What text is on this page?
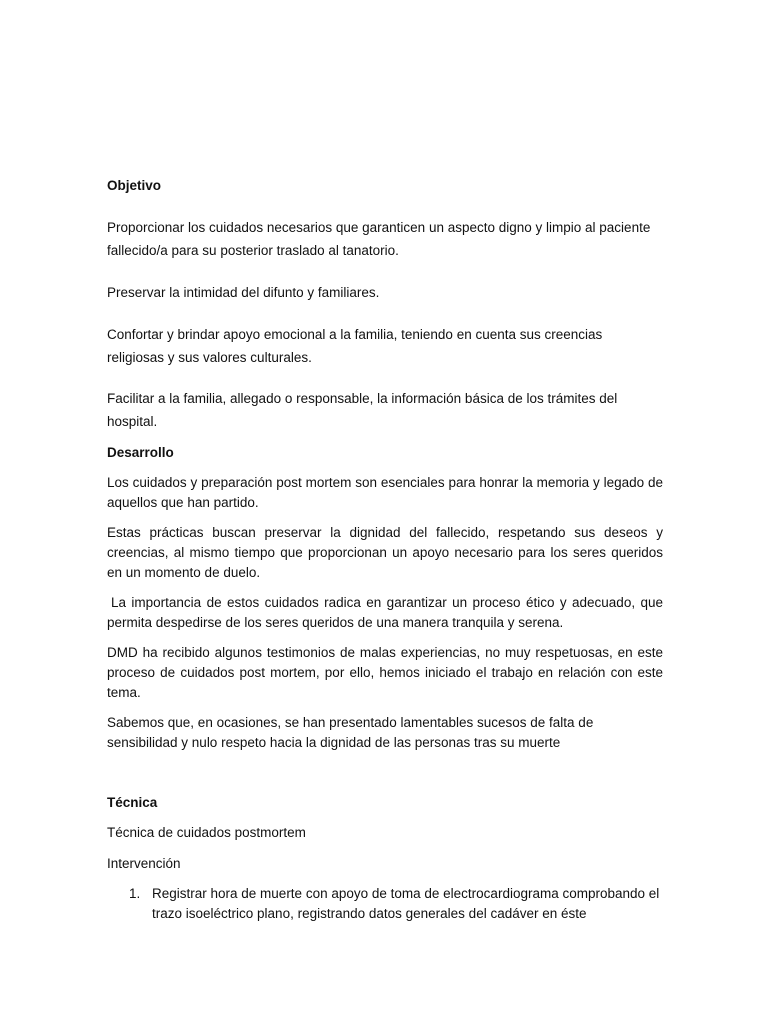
Objetivo

Proporcionar los cuidados necesarios que garanticen un aspecto digno y limpio al paciente fallecido/a para su posterior traslado al tanatorio.

Preservar la intimidad del difunto y familiares.

Confortar y brindar apoyo emocional a la familia, teniendo en cuenta sus creencias religiosas y sus valores culturales.

Facilitar a la familia, allegado o responsable, la información básica de los trámites del hospital.

Desarrollo

Los cuidados y preparación post mortem son esenciales para honrar la memoria y legado de aquellos que han partido.

Estas prácticas buscan preservar la dignidad del fallecido, respetando sus deseos y creencias, al mismo tiempo que proporcionan un apoyo necesario para los seres queridos en un momento de duelo.

La importancia de estos cuidados radica en garantizar un proceso ético y adecuado, que permita despedirse de los seres queridos de una manera tranquila y serena.

DMD ha recibido algunos testimonios de malas experiencias, no muy respetuosas, en este proceso de cuidados post mortem, por ello, hemos iniciado el trabajo en relación con este tema.

Sabemos que, en ocasiones, se han presentado lamentables sucesos de falta de sensibilidad y nulo respeto hacia la dignidad de las personas tras su muerte

Técnica

Técnica de cuidados postmortem

Intervención

1. Registrar hora de muerte con apoyo de toma de electrocardiograma comprobando el trazo isoeléctrico plano, registrando datos generales del cadáver en éste
